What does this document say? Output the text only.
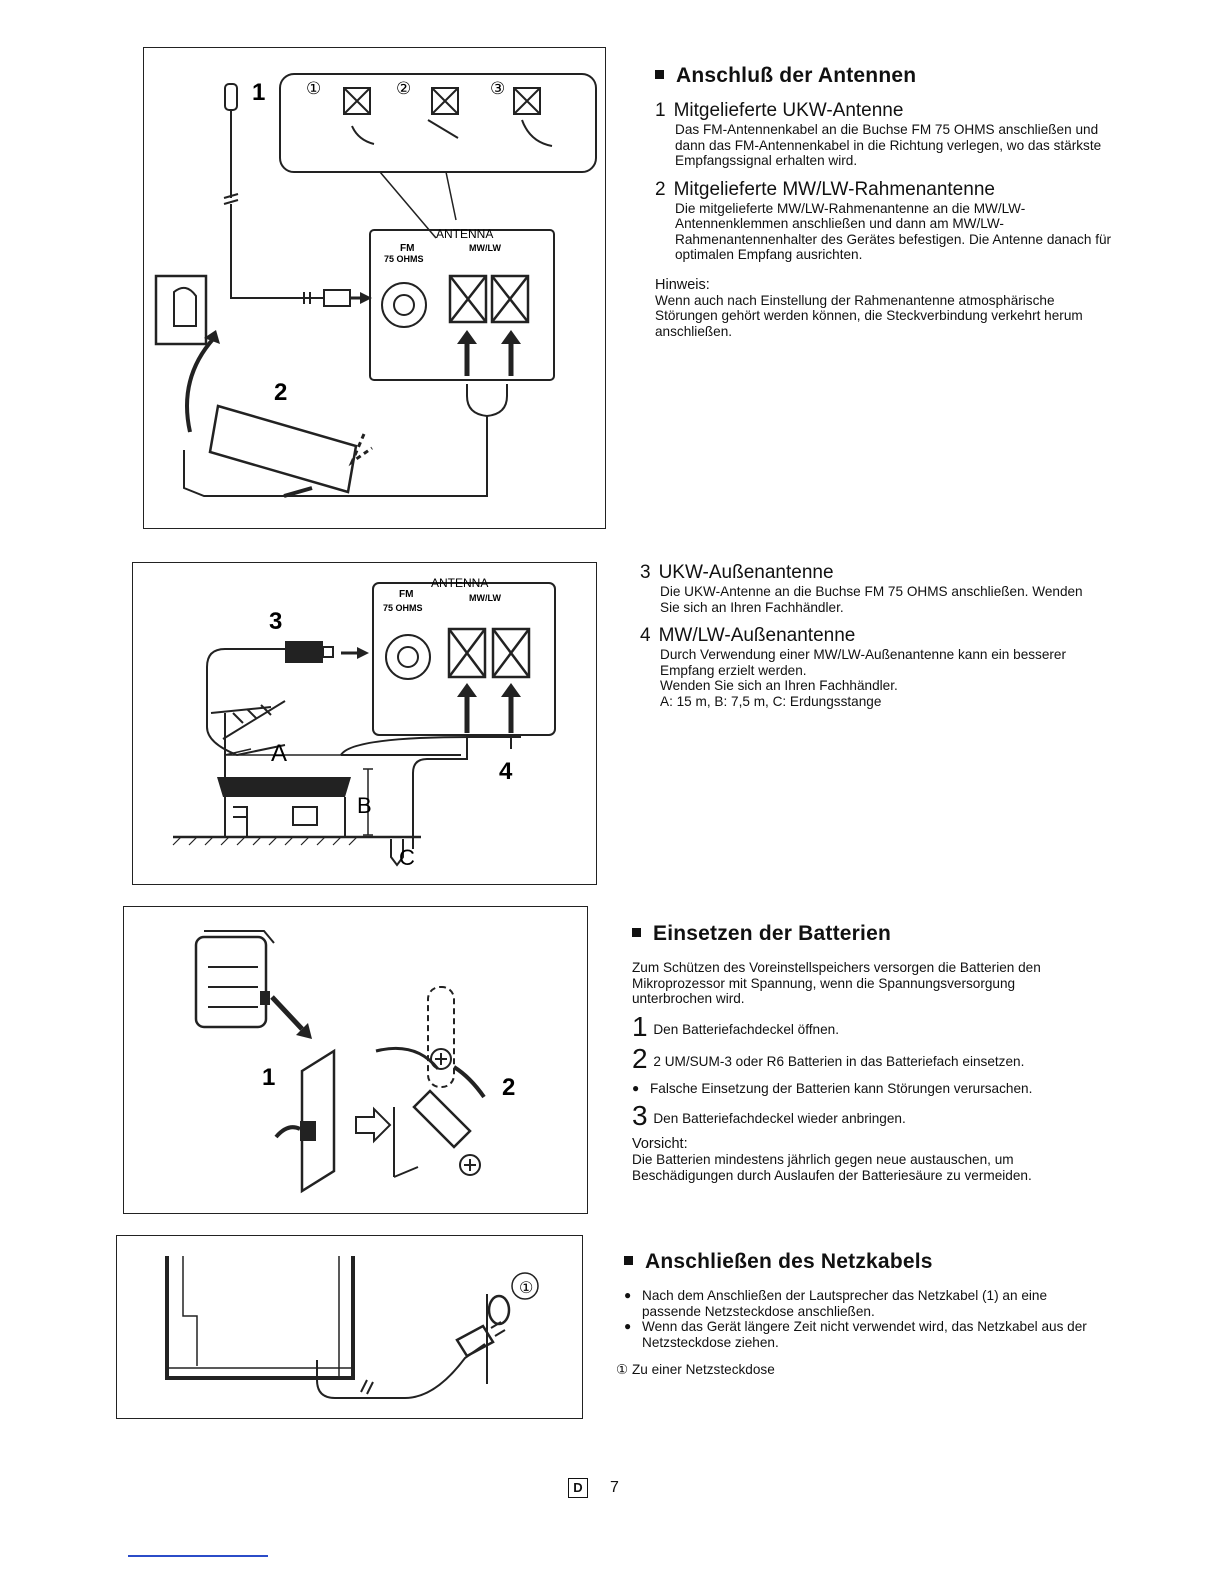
①	②	③
1
ANTENNA
FM	MW/LW
75 OHMS
2
ANTENNA
FM	MW/LW
75 OHMS
3
A
B
4
C
1	2
①
Anschluß der Antennen
1 Mitgelieferte UKW-Antenne

Das FM-Antennenkabel an die Buchse FM 75 OHMS anschließen und dann das FM-Antennenkabel in die Richtung verlegen, wo das stärkste Empfangssignal erhalten wird.

2 Mitgelieferte MW/LW-Rahmenantenne

Die mitgelieferte MW/LW-Rahmenantenne an die MW/LW-Antennenklemmen anschließen und dann am MW/LW-Rahmenantennenhalter des Gerätes befestigen. Die Antenne danach für optimalen Empfang ausrichten.

Hinweis:

Wenn auch nach Einstellung der Rahmenantenne atmosphärische Störungen gehört werden können, die Steckverbindung verkehrt herum anschließen.

3 UKW-Außenantenne

Die UKW-Antenne an die Buchse FM 75 OHMS anschließen. Wenden Sie sich an Ihren Fachhändler.

4 MW/LW-Außenantenne

Durch Verwendung einer MW/LW-Außenantenne kann ein besserer Empfang erzielt werden.

Wenden Sie sich an Ihren Fachhändler.

A: 15 m, B: 7,5 m, C: Erdungsstange

Einsetzen der Batterien

Zum Schützen des Voreinstellspeichers versorgen die Batterien den Mikroprozessor mit Spannung, wenn die Spannungsversorgung unterbrochen wird.

1 Den Batteriefachdeckel öffnen.

2 2 UM/SUM-3 oder R6 Batterien in das Batteriefach einsetzen.

● Falsche Einsetzung der Batterien kann Störungen verursachen.

3 Den Batteriefachdeckel wieder anbringen.

Vorsicht:

Die Batterien mindestens jährlich gegen neue austauschen, um Beschädigungen durch Auslaufen der Batteriesäure zu vermeiden.

Anschließen des Netzkabels

● Nach dem Anschließen der Lautsprecher das Netzkabel (1) an eine passende Netzsteckdose anschließen.

● Wenn das Gerät längere Zeit nicht verwendet wird, das Netzkabel aus der Netzsteckdose ziehen.

① Zu einer Netzsteckdose

D	7
